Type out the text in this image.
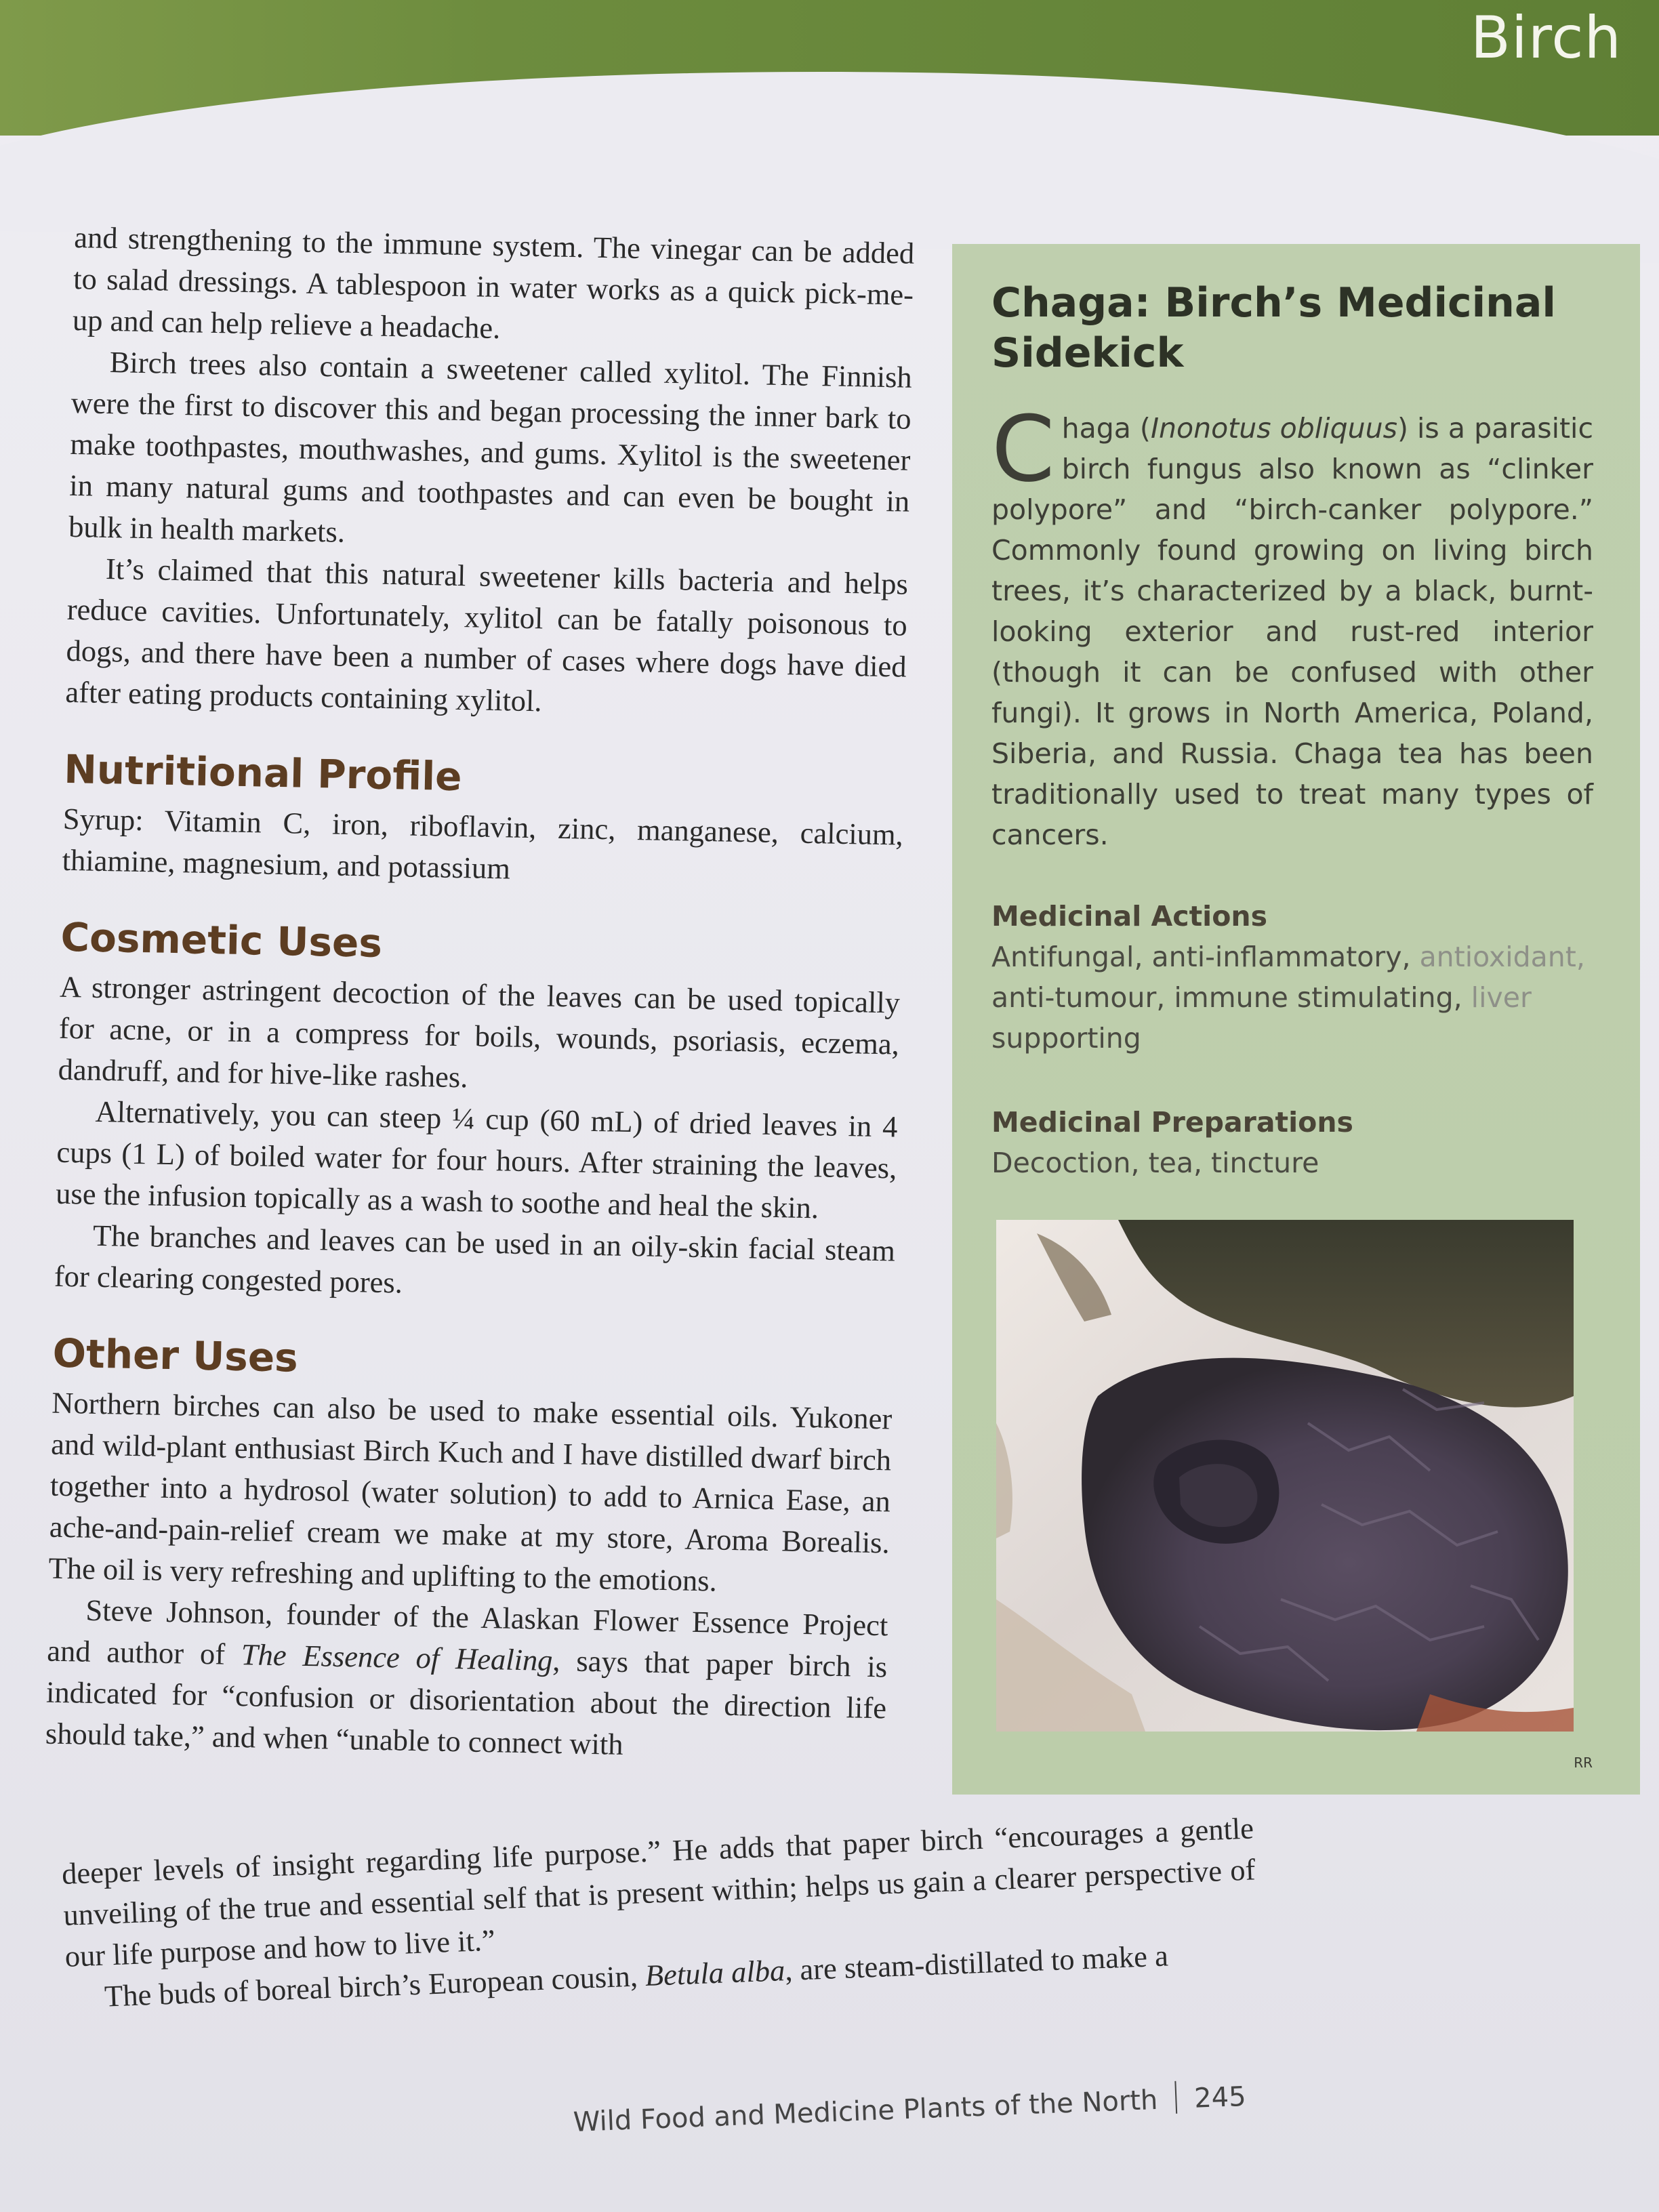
Birch

and strengthening to the immune system. The vinegar can be added to salad dressings. A tablespoon in water works as a quick pick-me-up and can help relieve a headache.

Birch trees also contain a sweetener called xylitol. The Finnish were the first to discover this and began processing the inner bark to make toothpastes, mouthwashes, and gums. Xylitol is the sweetener in many natural gums and toothpastes and can even be bought in bulk in health markets.

It’s claimed that this natural sweetener kills bacteria and helps reduce cavities. Unfortunately, xylitol can be fatally poisonous to dogs, and there have been a number of cases where dogs have died after eating products containing xylitol.

Nutritional Profile

Syrup: Vitamin C, iron, riboflavin, zinc, manganese, calcium, thiamine, magnesium, and potassium

Cosmetic Uses

A stronger astringent decoction of the leaves can be used topically for acne, or in a compress for boils, wounds, psoriasis, eczema, dandruff, and for hive-like rashes.

Alternatively, you can steep ¼ cup (60 mL) of dried leaves in 4 cups (1 L) of boiled water for four hours. After straining the leaves, use the infusion topically as a wash to soothe and heal the skin.

The branches and leaves can be used in an oily-skin facial steam for clearing congested pores.

Other Uses

Northern birches can also be used to make essential oils. Yukoner and wild-plant enthusiast Birch Kuch and I have distilled dwarf birch together into a hydrosol (water solution) to add to Arnica Ease, an ache-and-pain-relief cream we make at my store, Aroma Borealis. The oil is very refreshing and uplifting to the emotions.

Steve Johnson, founder of the Alaskan Flower Essence Project and author of The Essence of Healing, says that paper birch is indicated for “confusion or disorientation about the direction life should take,” and when “unable to connect with

deeper levels of insight regarding life purpose.” He adds that paper birch “encourages a gentle unveiling of the true and essential self that is present within; helps us gain a clearer perspective of our life purpose and how to live it.”

The buds of boreal birch’s European cousin, Betula alba, are steam-distillated to make a

Chaga: Birch’s Medicinal Sidekick
Chaga (Inonotus obliquus) is a parasitic birch fungus also known as “clinker polypore” and “birch-canker polypore.” Commonly found growing on living birch trees, it’s characterized by a black, burnt-looking exterior and rust-red interior (though it can be confused with other fungi). It grows in North America, Poland, Siberia, and Russia. Chaga tea has been traditionally used to treat many types of cancers.
Medicinal Actions
Antifungal, anti-inflammatory, antioxidant,
anti-tumour, immune stimulating, liver
supporting
Medicinal Preparations
Decoction, tea, tincture
RR
Wild Food and Medicine Plants of the North 245
